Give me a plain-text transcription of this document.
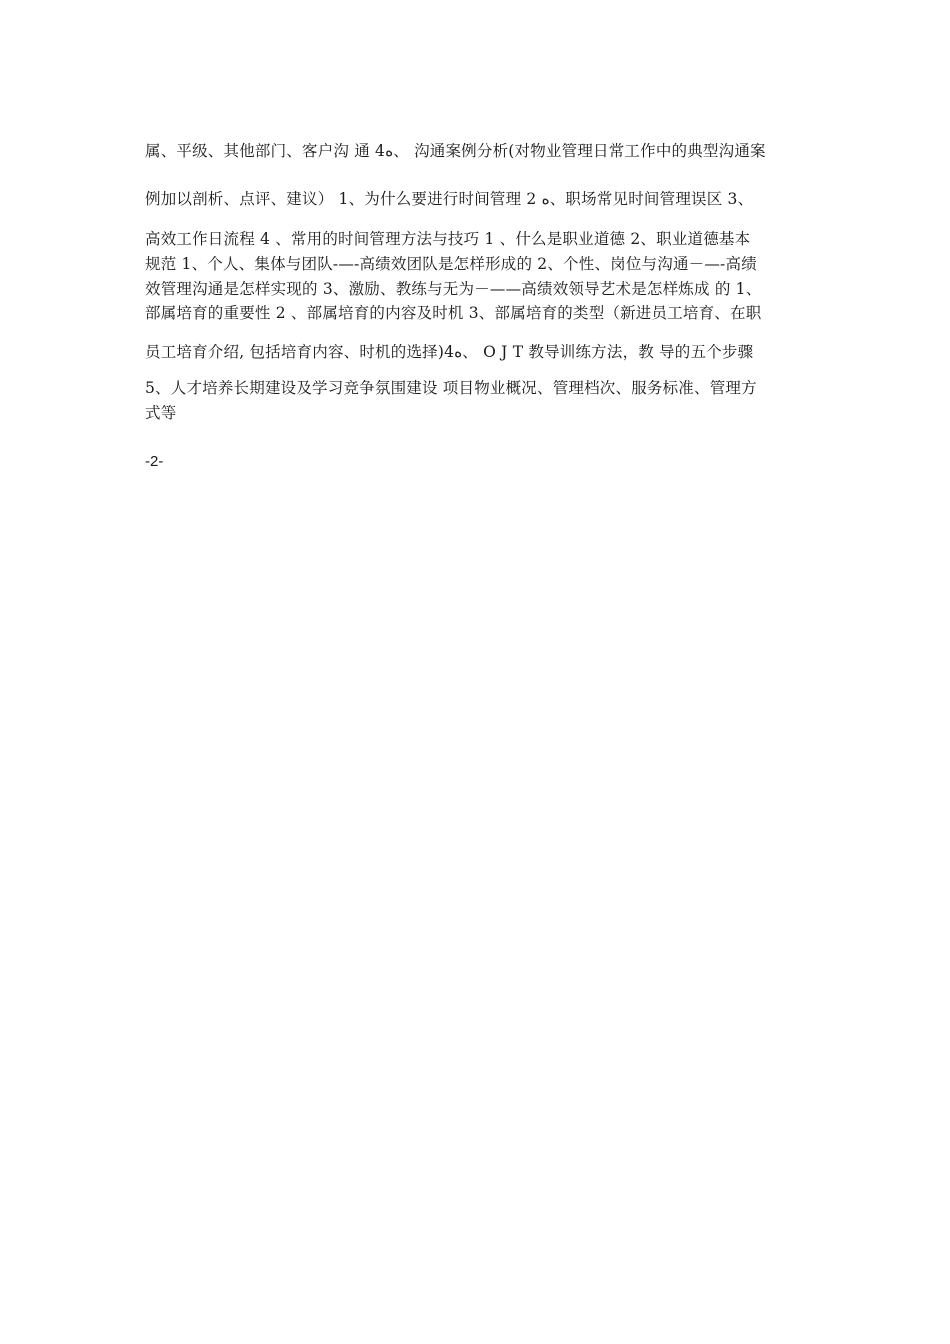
属、平级、其他部门、客户沟 通 4ﻩ、 沟通案例分析(对物业管理日常工作中的典型沟通案
例加以剖析、点评、建议） 1、为什么要进行时间管理 2 ﻩ、职场常见时间管理误区 3、
高效工作日流程 4 、常用的时间管理方法与技巧 1 、什么是职业道德 2、职业道德基本
规范 1、个人、集体与团队-—-高绩效团队是怎样形成的 2、个性、岗位与沟通－—-高绩
效管理沟通是怎样实现的 3、激励、教练与无为－——高绩效领导艺术是怎样炼成 的 1、
部属培育的重要性 2 、部属培育的内容及时机 3、部属培育的类型（新进员工培育、在职
员工培育介绍, 包括培育内容、时机的选择)4ﻩ、 O J T 教导训练方法，教 导的五个步骤
5、人才培养长期建设及学习竞争氛围建设 项目物业概况、管理档次、服务标准、管理方
式等
-2-
